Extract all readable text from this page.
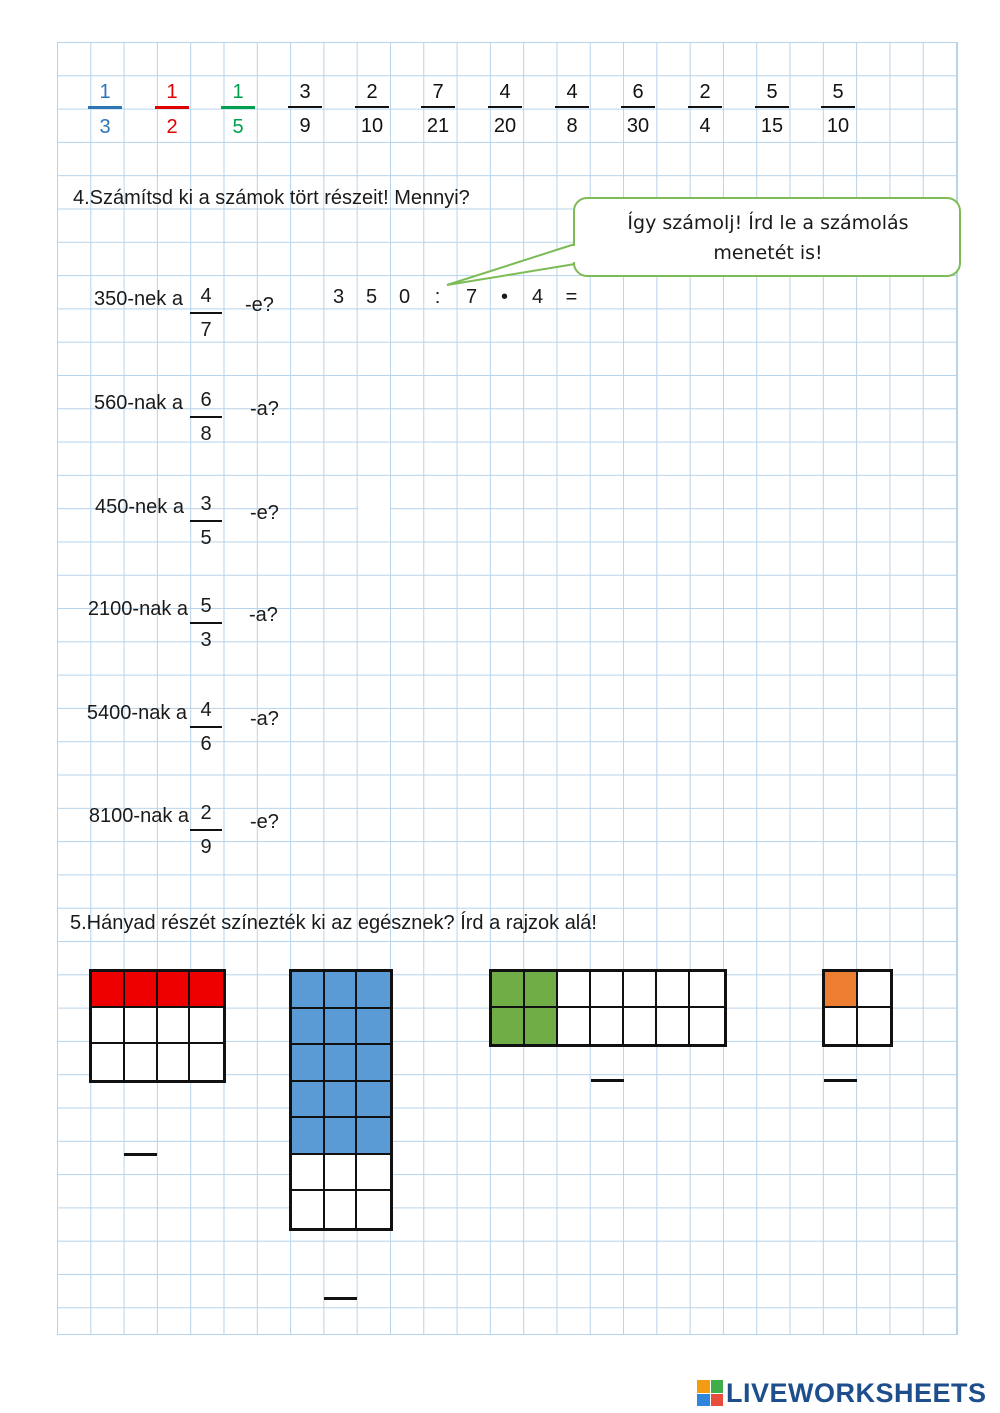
1
3
1
2
1
5
3
9
2
10
7
21
4
20
4
8
6
30
2
4
5
15
5
10
4.Számítsd ki a számok tört részeit! Mennyi?
Így számolj! Írd le a számolás
menetét is!
3	5	0	:	7	•	4	=
350-nek a 4
7
-e?
560-nak a 6
8
-a?
450-nek a 3
5
-e?
2100-nak a 5
3
-a?
5400-nak a 4
6
-a?
8100-nak a 2
9
-e?
5.Hányad részét színezték ki az egésznek? Írd a rajzok alá!
LIVEWORKSHEETS
